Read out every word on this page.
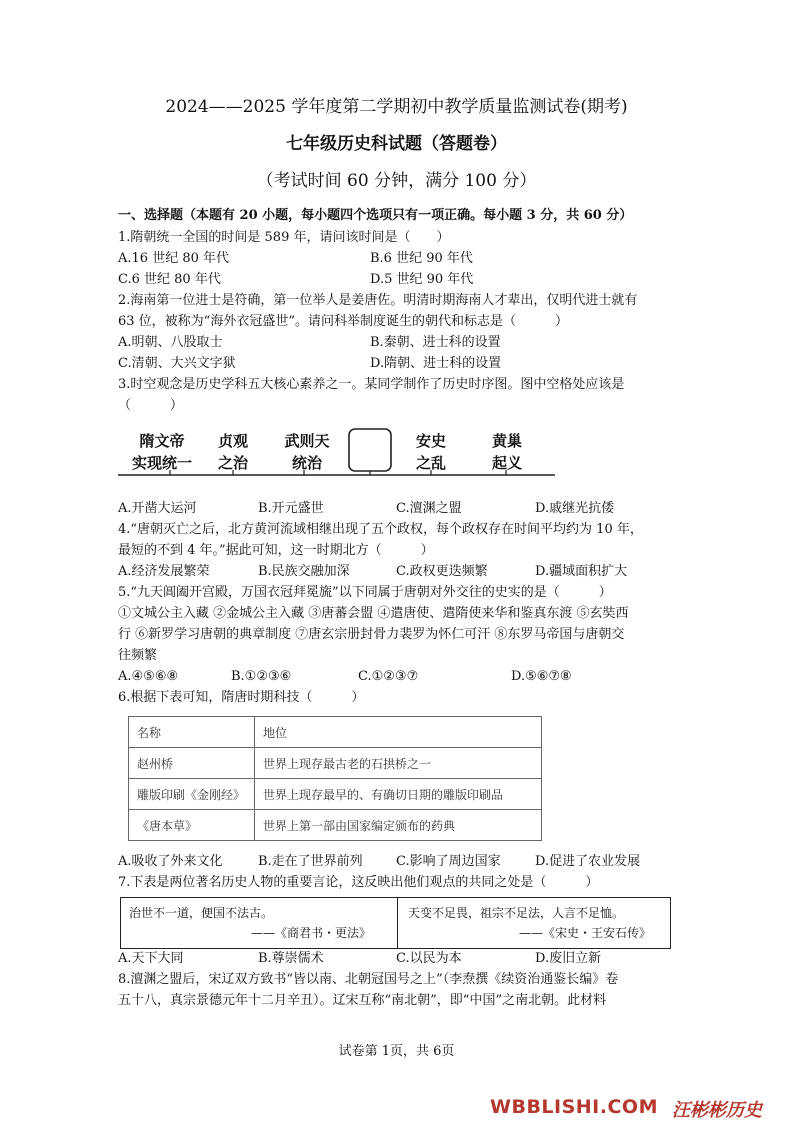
2024——2025 学年度第二学期初中教学质量监测试卷(期考)
七年级历史科试题（答题卷）
（考试时间 60 分钟，满分 100 分）
一、选择题（本题有 20 小题，每小题四个选项只有一项正确。每小题 3 分，共 60 分）
1.隋朝统一全国的时间是 589 年，请问该时间是（　　）
A.16 世纪 80 年代	B.6 世纪 90 年代
C.6 世纪 80 年代	D.5 世纪 90 年代
2.海南第一位进士是符确，第一位举人是姜唐佐。明清时期海南人才辈出，仅明代进士就有
63 位，被称为“海外衣冠盛世”。请问科举制度诞生的朝代和标志是（　　　）
A.明朝、八股取士	B.秦朝、进士科的设置
C.清朝、大兴文字狱	D.隋朝、进士科的设置
3.时空观念是历史学科五大核心素养之一。某同学制作了历史时序图。图中空格处应该是
（　　　）
隋文帝
实现统一
贞观
之治
武则天
统治
安史
之乱
黄巢
起义
A.开凿大运河	B.开元盛世	C.澶渊之盟	D.戚继光抗倭
4.“唐朝灭亡之后，北方黄河流域相继出现了五个政权，每个政权存在时间平均约为 10 年，
最短的不到 4 年。”据此可知，这一时期北方（　　　）
A.经济发展繁荣	B.民族交融加深	C.政权更迭频繁	D.疆域面积扩大
5.“九天阊阖开宫殿，万国衣冠拜冕旒”以下同属于唐朝对外交往的史实的是（　　　）
①文城公主入藏 ②金城公主入藏 ③唐蕃会盟 ④遣唐使、遣隋使来华和鉴真东渡 ⑤玄奘西
行 ⑥新罗学习唐朝的典章制度 ⑦唐玄宗册封骨力裴罗为怀仁可汗 ⑧东罗马帝国与唐朝交
往频繁
A.④⑤⑥⑧	B.①②③⑥	C.①②③⑦	D.⑤⑥⑦⑧
6.根据下表可知，隋唐时期科技（　　　）
名称	地位
赵州桥	世界上现存最古老的石拱桥之一
雕版印刷《金刚经》	世界上现存最早的、有确切日期的雕版印刷品
《唐本草》	世界上第一部由国家编定颁布的药典
A.吸收了外来文化	B.走在了世界前列	C.影响了周边国家	D.促进了农业发展
7.下表是两位著名历史人物的重要言论，这反映出他们观点的共同之处是（　　　）
治世不一道，便国不法古。
——《商君书・更法》
天变不足畏，祖宗不足法，人言不足恤。
——《宋史・王安石传》
A.天下大同	B.尊崇儒术	C.以民为本	D.废旧立新
8.澶渊之盟后，宋辽双方致书“皆以南、北朝冠国号之上”（李焘撰《续资治通鉴长编》卷
五十八，真宗景德元年十二月辛丑）。辽宋互称“南北朝”，即“中国”之南北朝。此材料
试卷第 1页，共 6页
WBBLISHI.COM 汪彬彬历史
